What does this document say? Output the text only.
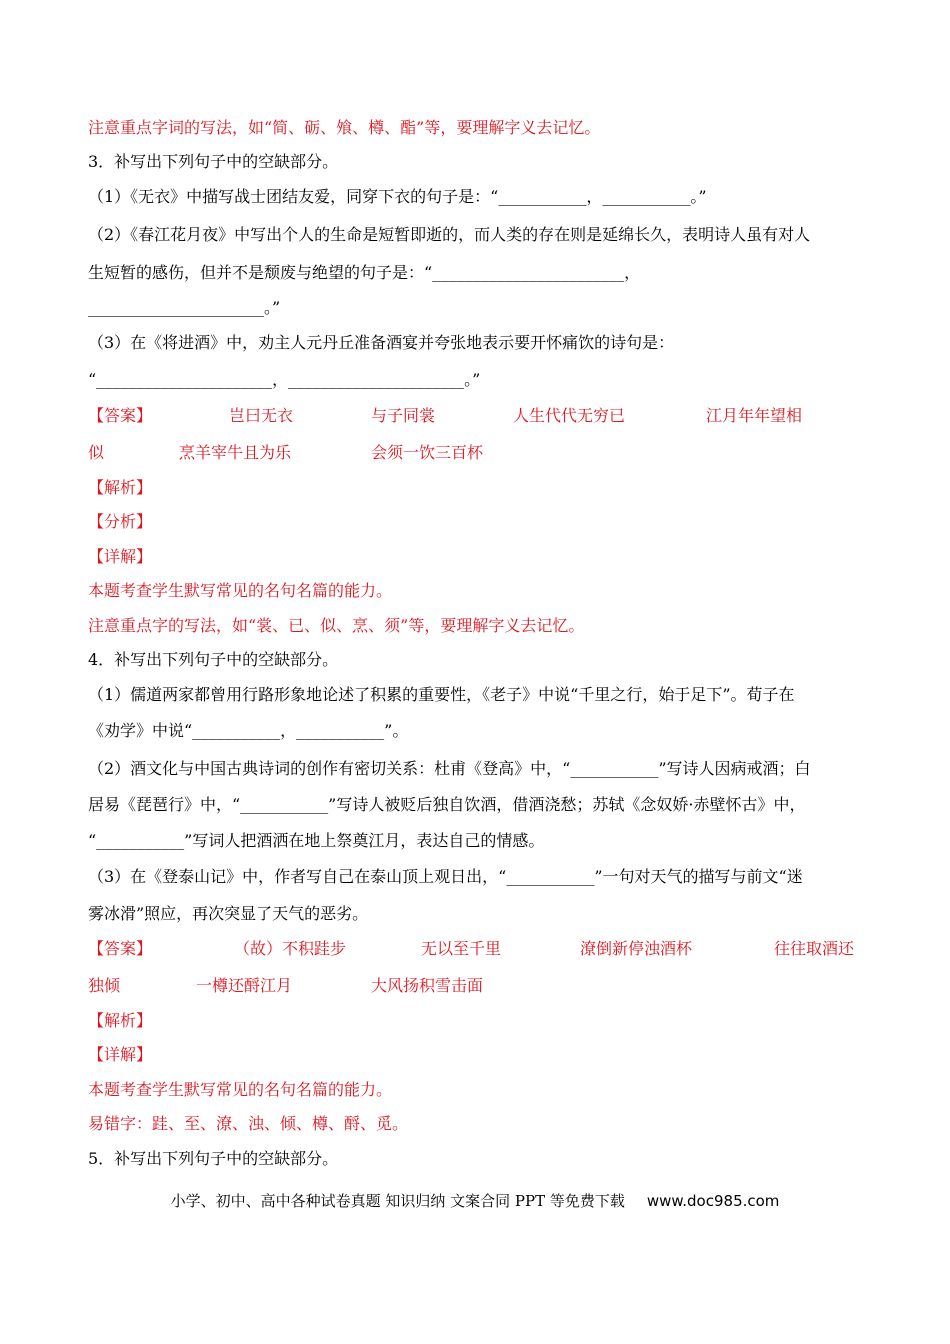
注意重点字词的写法，如“简、砺、飧、樽、酯”等，要理解字义去记忆。
3．补写出下列句子中的空缺部分。
（1）《无衣》中描写战士团结友爱，同穿下衣的句子是：“___________，___________。”
（2）《春江花月夜》中写出个人的生命是短暂即逝的，而人类的存在则是延绵长久，表明诗人虽有对人
生短暂的感伤，但并不是颓废与绝望的句子是：“________________________，
______________________。”
（3）在《将进酒》中，劝主人元丹丘准备酒宴并夸张地表示要开怀痛饮的诗句是：
“______________________，______________________。”
【答案】	岂曰无衣	与子同裳	人生代代无穷已	江月年年望相
似	烹羊宰牛且为乐	会须一饮三百杯
【解析】
【分析】
【详解】
本题考查学生默写常见的名句名篇的能力。
注意重点字的写法，如“裳、已、似、烹、须”等，要理解字义去记忆。
4．补写出下列句子中的空缺部分。
（1）儒道两家都曾用行路形象地论述了积累的重要性，《老子》中说“千里之行，始于足下”。荀子在
《劝学》中说“___________，___________”。
（2）酒文化与中国古典诗词的创作有密切关系：杜甫《登高》中，“___________”写诗人因病戒酒；白
居易《琵琶行》中，“___________”写诗人被贬后独自饮酒，借酒浇愁；苏轼《念奴娇·赤壁怀古》中，
“___________”写词人把酒洒在地上祭奠江月，表达自己的情感。
（3）在《登泰山记》中，作者写自己在泰山顶上观日出，“___________”一句对天气的描写与前文“迷
雾冰滑”照应，再次突显了天气的恶劣。
【答案】	（故）不积跬步	无以至千里	潦倒新停浊酒杯	往往取酒还
独倾	一樽还酹江月	大风扬积雪击面
【解析】
【详解】
本题考查学生默写常见的名句名篇的能力。
易错字：跬、至、潦、浊、倾、樽、酹、觅。
5．补写出下列句子中的空缺部分。
小学、初中、高中各种试卷真题 知识归纳 文案合同 PPT 等免费下载 www.doc985.com
